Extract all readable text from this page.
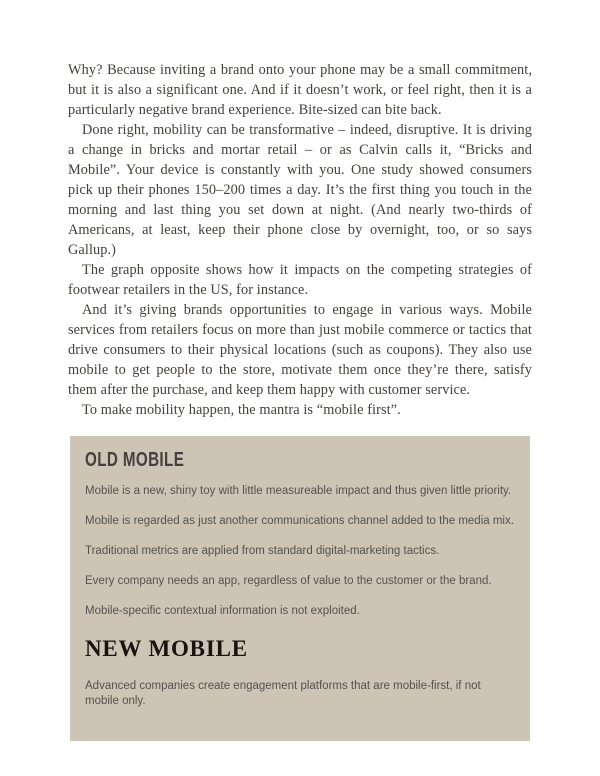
Why? Because inviting a brand onto your phone may be a small commitment, but it is also a significant one. And if it doesn’t work, or feel right, then it is a particularly negative brand experience. Bite-sized can bite back.

Done right, mobility can be transformative – indeed, disruptive. It is driving a change in bricks and mortar retail – or as Calvin calls it, “Bricks and Mobile”. Your device is constantly with you. One study showed consumers pick up their phones 150–200 times a day. It’s the first thing you touch in the morning and last thing you set down at night. (And nearly two-thirds of Americans, at least, keep their phone close by overnight, too, or so says Gallup.)

The graph opposite shows how it impacts on the competing strategies of footwear retailers in the US, for instance.

And it’s giving brands opportunities to engage in various ways. Mobile services from retailers focus on more than just mobile commerce or tactics that drive consumers to their physical locations (such as coupons). They also use mobile to get people to the store, motivate them once they’re there, satisfy them after the purchase, and keep them happy with customer service.

To make mobility happen, the mantra is “mobile first”.

OLD MOBILE

Mobile is a new, shiny toy with little measureable impact and thus given little priority.

Mobile is regarded as just another communications channel added to the media mix.

Traditional metrics are applied from standard digital-marketing tactics.

Every company needs an app, regardless of value to the customer or the brand.

Mobile-specific contextual information is not exploited.

NEW MOBILE

Advanced companies create engagement platforms that are mobile-first, if not mobile only.
